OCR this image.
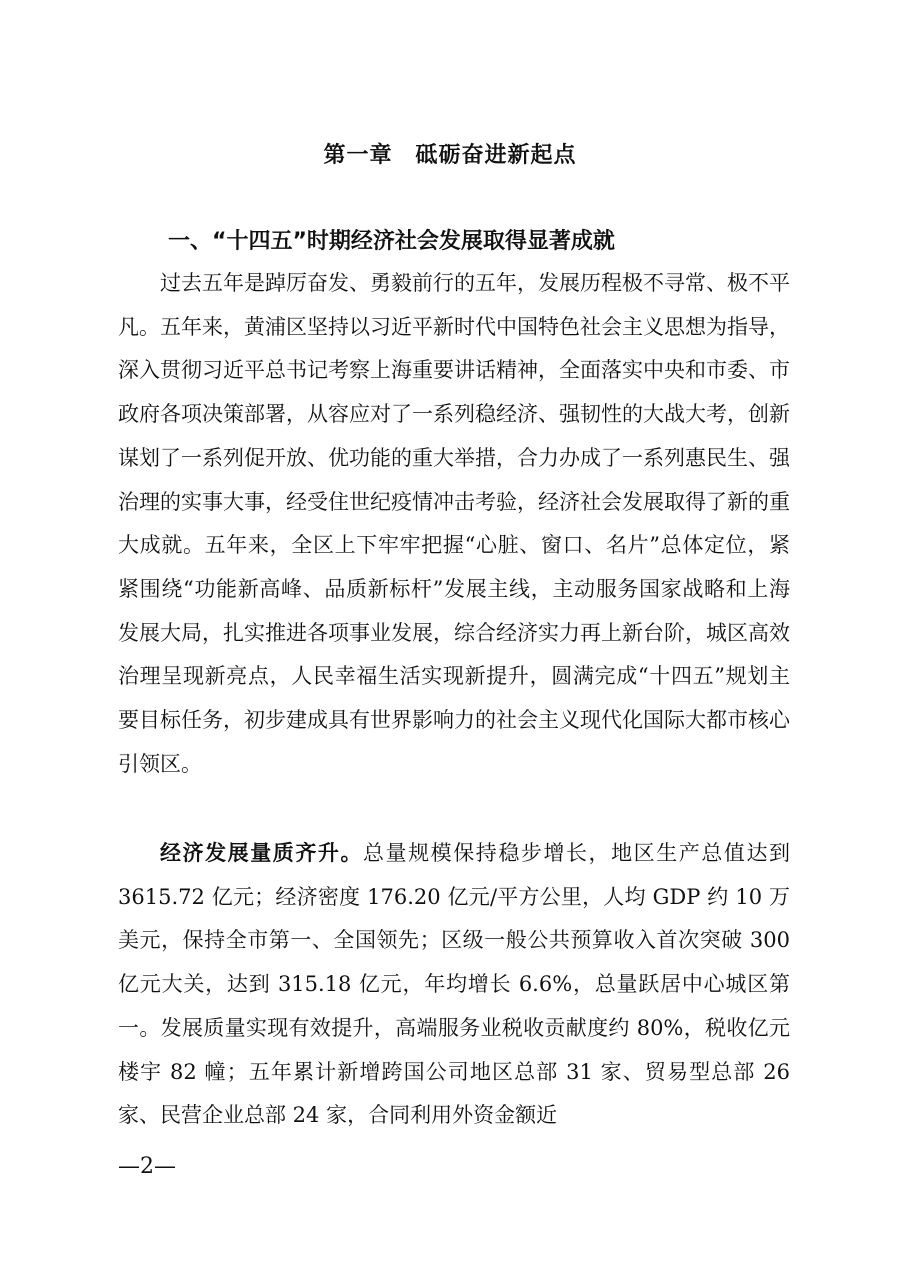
第一章　砥砺奋进新起点
一、“十四五”时期经济社会发展取得显著成就

过去五年是踔厉奋发、勇毅前行的五年，发展历程极不寻常、极不平凡。五年来，黄浦区坚持以习近平新时代中国特色社会主义思想为指导，深入贯彻习近平总书记考察上海重要讲话精神，全面落实中央和市委、市政府各项决策部署，从容应对了一系列稳经济、强韧性的大战大考，创新谋划了一系列促开放、优功能的重大举措，合力办成了一系列惠民生、强治理的实事大事，经受住世纪疫情冲击考验，经济社会发展取得了新的重大成就。五年来，全区上下牢牢把握“心脏、窗口、名片”总体定位，紧紧围绕“功能新高峰、品质新标杆”发展主线，主动服务国家战略和上海发展大局，扎实推进各项事业发展，综合经济实力再上新台阶，城区高效治理呈现新亮点，人民幸福生活实现新提升，圆满完成“十四五”规划主要目标任务，初步建成具有世界影响力的社会主义现代化国际大都市核心引领区。

经济发展量质齐升。总量规模保持稳步增长，地区生产总值达到 3615.72 亿元；经济密度 176.20 亿元/平方公里，人均 GDP 约 10 万美元，保持全市第一、全国领先；区级一般公共预算收入首次突破 300 亿元大关，达到 315.18 亿元，年均增长 6.6%，总量跃居中心城区第一。发展质量实现有效提升，高端服务业税收贡献度约 80%，税收亿元楼宇 82 幢；五年累计新增跨国公司地区总部 31 家、贸易型总部 26 家、民营企业总部 24 家，合同利用外资金额近

—2—
